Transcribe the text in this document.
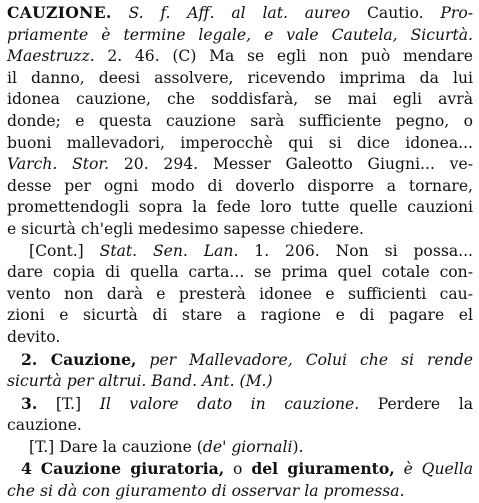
CAUZIONE. S. f. Aff. al lat. aureo Cautio. Pro-
priamente è termine legale, e vale Cautela, Sicurtà.
Maestruzz. 2. 46. (C) Ma se egli non può mendare
il danno, deesi assolvere, ricevendo imprima da lui
idonea cauzione, che soddisfarà, se mai egli avrà
donde; e questa cauzione sarà sufficiente pegno, o
buoni mallevadori, imperocchè qui si dice idonea...
Varch. Stor. 20. 294. Messer Galeotto Giugni... ve-
desse per ogni modo di doverlo disporre a tornare,
promettendogli sopra la fede loro tutte quelle cauzioni
e sicurtà ch'egli medesimo sapesse chiedere.
[Cont.] Stat. Sen. Lan. 1. 206. Non si possa...
dare copia di quella carta... se prima quel cotale con-
vento non darà e presterà idonee e sufficienti cau-
zioni e sicurtà di stare a ragione e di pagare el
devito.
2. Cauzione, per Mallevadore, Colui che si rende
sicurtà per altrui. Band. Ant. (M.)
3. [T.] Il valore dato in cauzione. Perdere la
cauzione.
[T.] Dare la cauzione (de' giornali).
4 Cauzione giuratoria, o del giuramento, è Quella
che si dà con giuramento di osservar la promessa.
